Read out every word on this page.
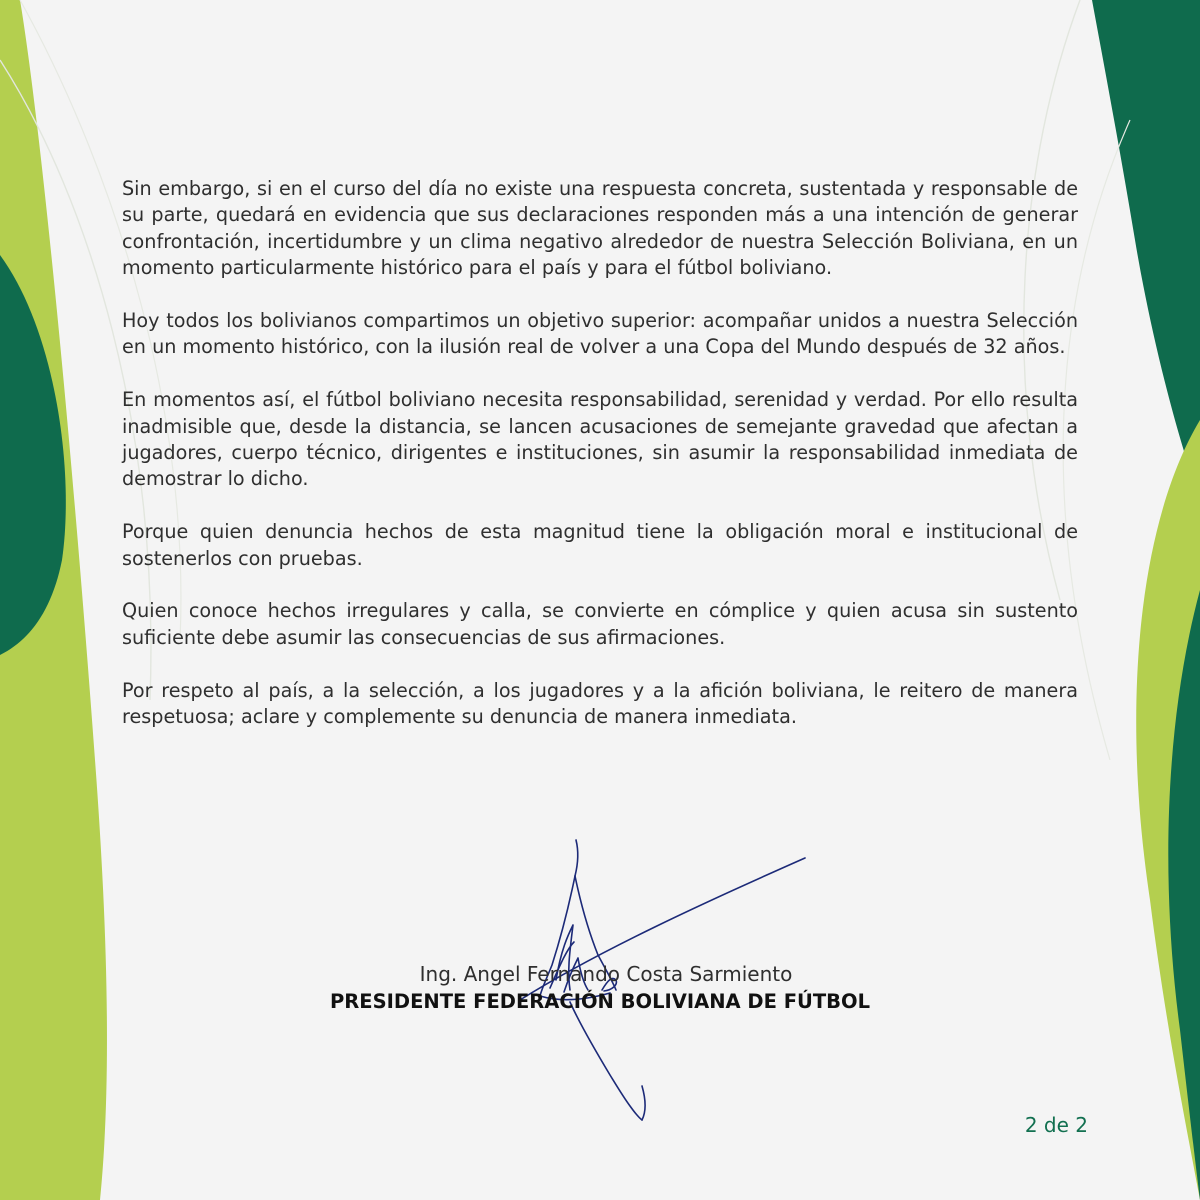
Sin embargo, si en el curso del día no existe una respuesta concreta, sustentada y responsable de su parte, quedará en evidencia que sus declaraciones responden más a una intención de generar confrontación, incertidumbre y un clima negativo alrededor de nuestra Selección Boliviana, en un momento particularmente histórico para el país y para el fútbol boliviano.

Hoy todos los bolivianos compartimos un objetivo superior: acompañar unidos a nuestra Selección en un momento histórico, con la ilusión real de volver a una Copa del Mundo después de 32 años.

En momentos así, el fútbol boliviano necesita responsabilidad, serenidad y verdad. Por ello resulta inadmisible que, desde la distancia, se lancen acusaciones de semejante gravedad que afectan a jugadores, cuerpo técnico, dirigentes e instituciones, sin asumir la responsabilidad inmediata de demostrar lo dicho.

Porque quien denuncia hechos de esta magnitud tiene la obligación moral e institucional de sostenerlos con pruebas.

Quien conoce hechos irregulares y calla, se convierte en cómplice y quien acusa sin sustento suficiente debe asumir las consecuencias de sus afirmaciones.

Por respeto al país, a la selección, a los jugadores y a la afición boliviana, le reitero de manera respetuosa; aclare y complemente su denuncia de manera inmediata.

Ing. Angel Fernando Costa Sarmiento
PRESIDENTE FEDERACIÓN BOLIVIANA DE FÚTBOL
2 de 2
